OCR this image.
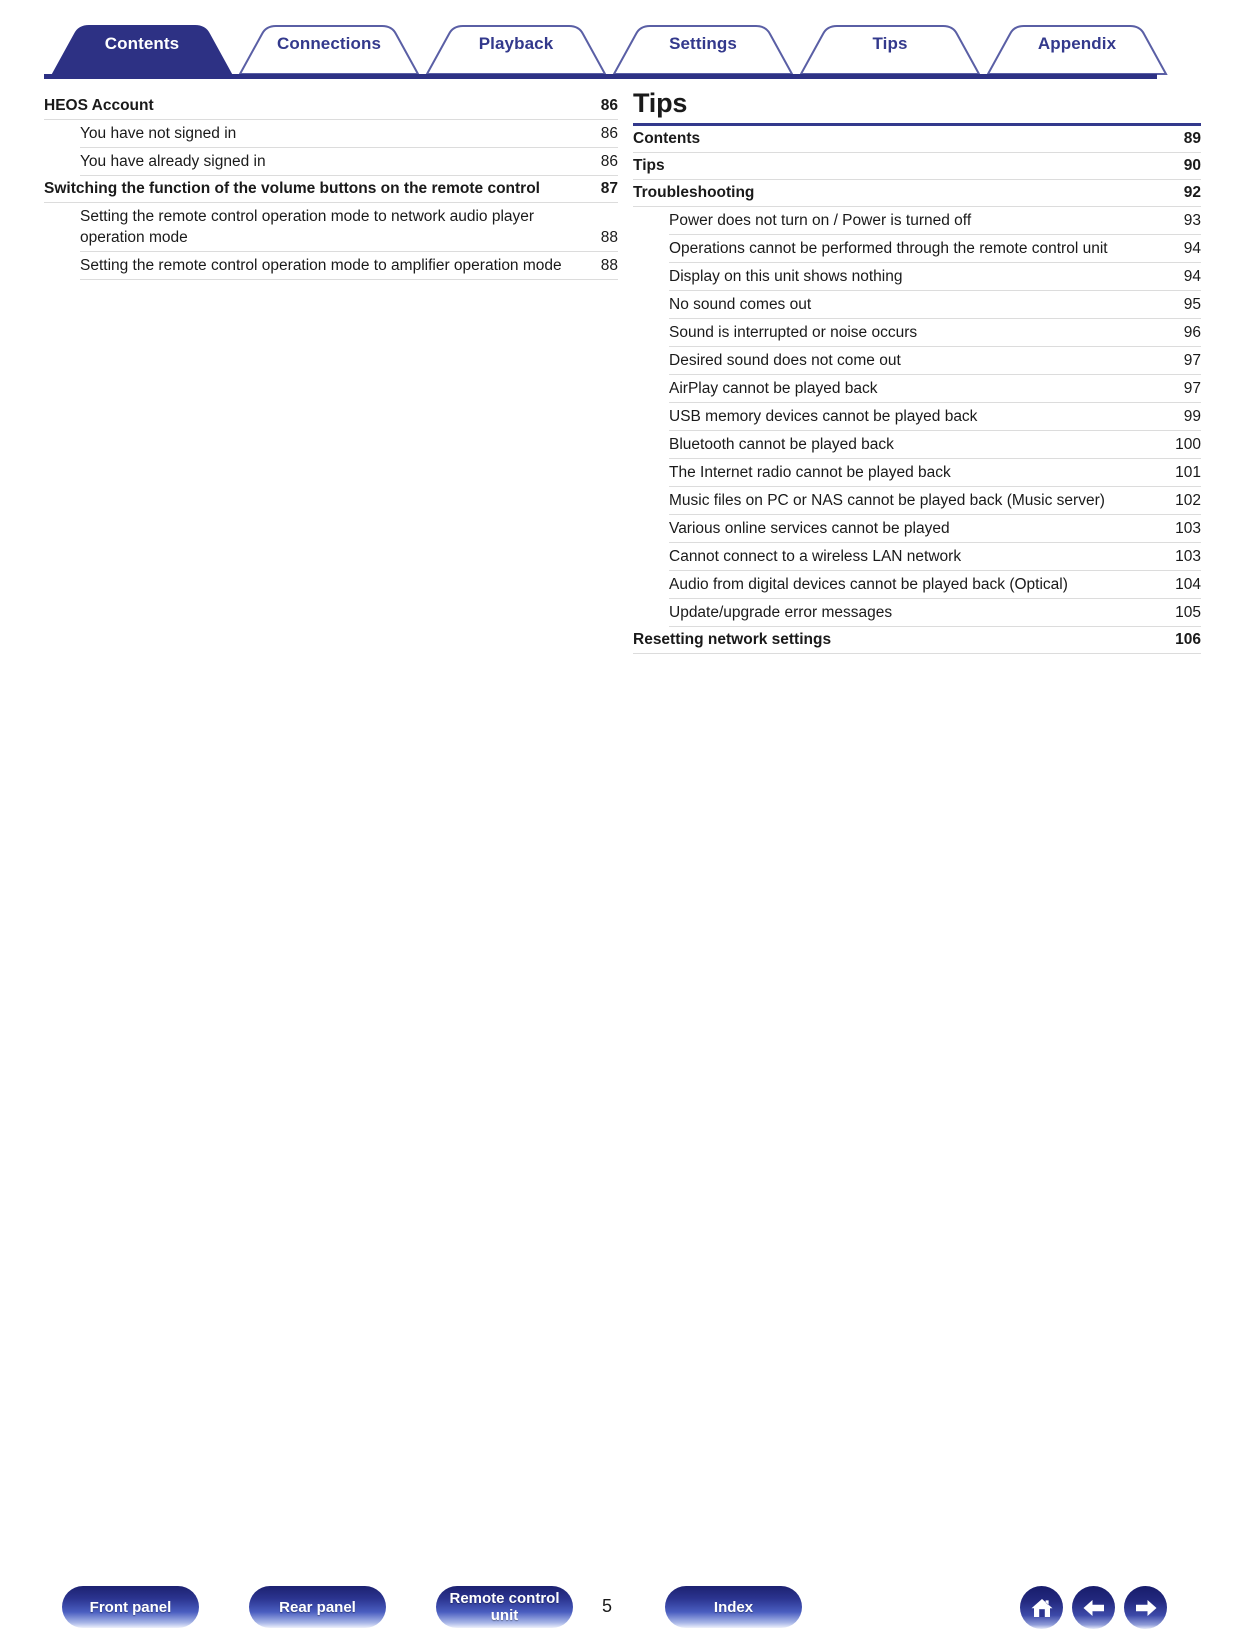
Contents	Connections	Playback	Settings	Tips	Appendix
HEOS Account	86
You have not signed in	86
You have already signed in	86
Switching the function of the volume buttons on the remote control	87
Setting the remote control operation mode to network audio player operation mode	88
Setting the remote control operation mode to amplifier operation mode	88
Tips
Contents	89
Tips	90
Troubleshooting	92
Power does not turn on / Power is turned off	93
Operations cannot be performed through the remote control unit	94
Display on this unit shows nothing	94
No sound comes out	95
Sound is interrupted or noise occurs	96
Desired sound does not come out	97
AirPlay cannot be played back	97
USB memory devices cannot be played back	99
Bluetooth cannot be played back	100
The Internet radio cannot be played back	101
Music files on PC or NAS cannot be played back (Music server)	102
Various online services cannot be played	103
Cannot connect to a wireless LAN network	103
Audio from digital devices cannot be played back (Optical)	104
Update/upgrade error messages	105
Resetting network settings	106
Front panel	Rear panel	Remote control unit	5	Index
